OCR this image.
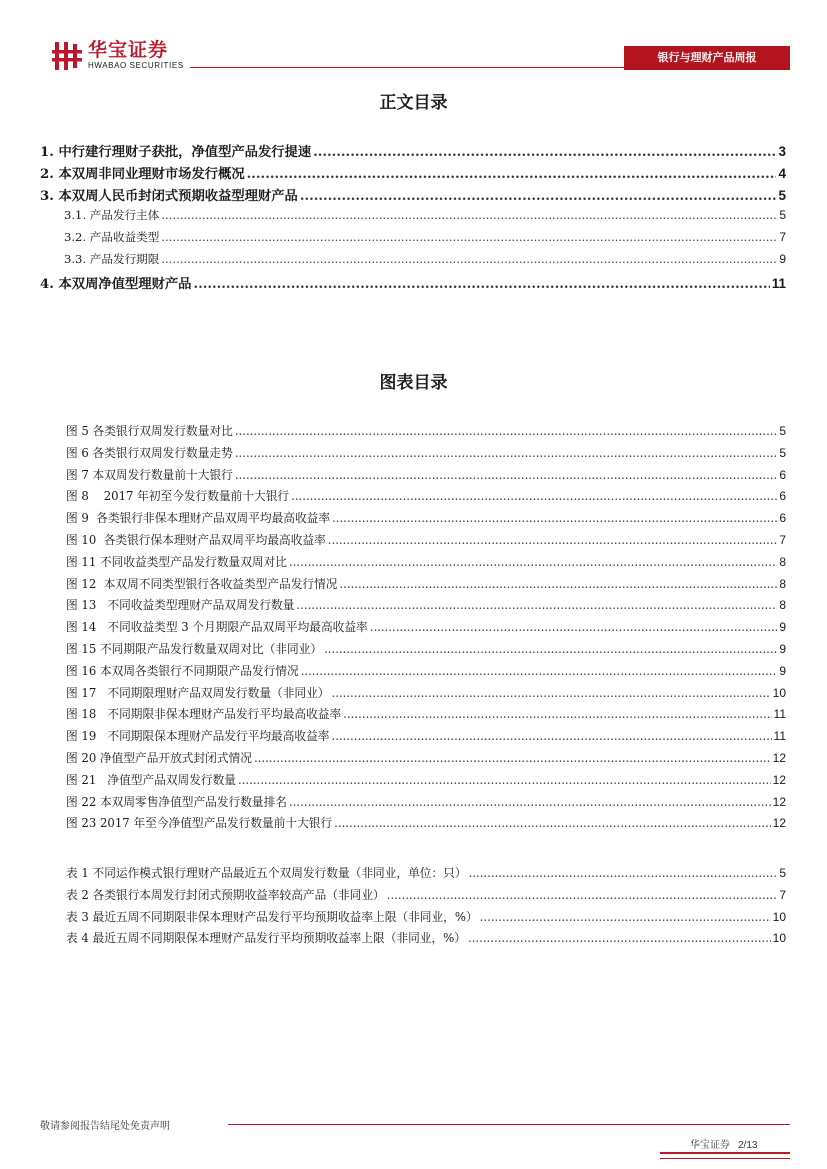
华宝证券
HWABAO SECURITIES
银行与理财产品周报
正文目录
1. 中行建行理财子获批，净值型产品发行提速 .....	3
2. 本双周非同业理财市场发行概况 .....	4
3. 本双周人民币封闭式预期收益型理财产品 .....	5
3.1. 产品发行主体 .....	5
3.2. 产品收益类型 .....	7
3.3. 产品发行期限 .....	9
4. 本双周净值型理财产品 .....	11
图表目录
图 5 各类银行双周发行数量对比 .....	5
图 6 各类银行双周发行数量走势 .....	5
图 7 本双周发行数量前十大银行 .....	6
图 8    2017 年初至今发行数量前十大银行 .....	6
图 9  各类银行非保本理财产品双周平均最高收益率 .....	6
图 10  各类银行保本理财产品双周平均最高收益率 .....	7
图 11 不同收益类型产品发行数量双周对比 .....	8
图 12  本双周不同类型银行各收益类型产品发行情况 .....	8
图 13   不同收益类型理财产品双周发行数量 .....	8
图 14   不同收益类型 3 个月期限产品双周平均最高收益率 .....	9
图 15 不同期限产品发行数量双周对比（非同业） .....	9
图 16 本双周各类银行不同期限产品发行情况 .....	9
图 17   不同期限理财产品双周发行数量（非同业） .....	10
图 18   不同期限非保本理财产品发行平均最高收益率 .....	11
图 19   不同期限保本理财产品发行平均最高收益率 .....	11
图 20 净值型产品开放式封闭式情况 .....	12
图 21   净值型产品双周发行数量 .....	12
图 22 本双周零售净值型产品发行数量排名 .....	12
图 23 2017 年至今净值型产品发行数量前十大银行 .....	12
表 1 不同运作模式银行理财产品最近五个双周发行数量（非同业，单位：只） .....	5
表 2 各类银行本周发行封闭式预期收益率较高产品（非同业） .....	7
表 3 最近五周不同期限非保本理财产品发行平均预期收益率上限（非同业，%） .....	10
表 4 最近五周不同期限保本理财产品发行平均预期收益率上限（非同业，%） .....	10
敬请参阅报告结尾处免责声明
华宝证券 2/13
